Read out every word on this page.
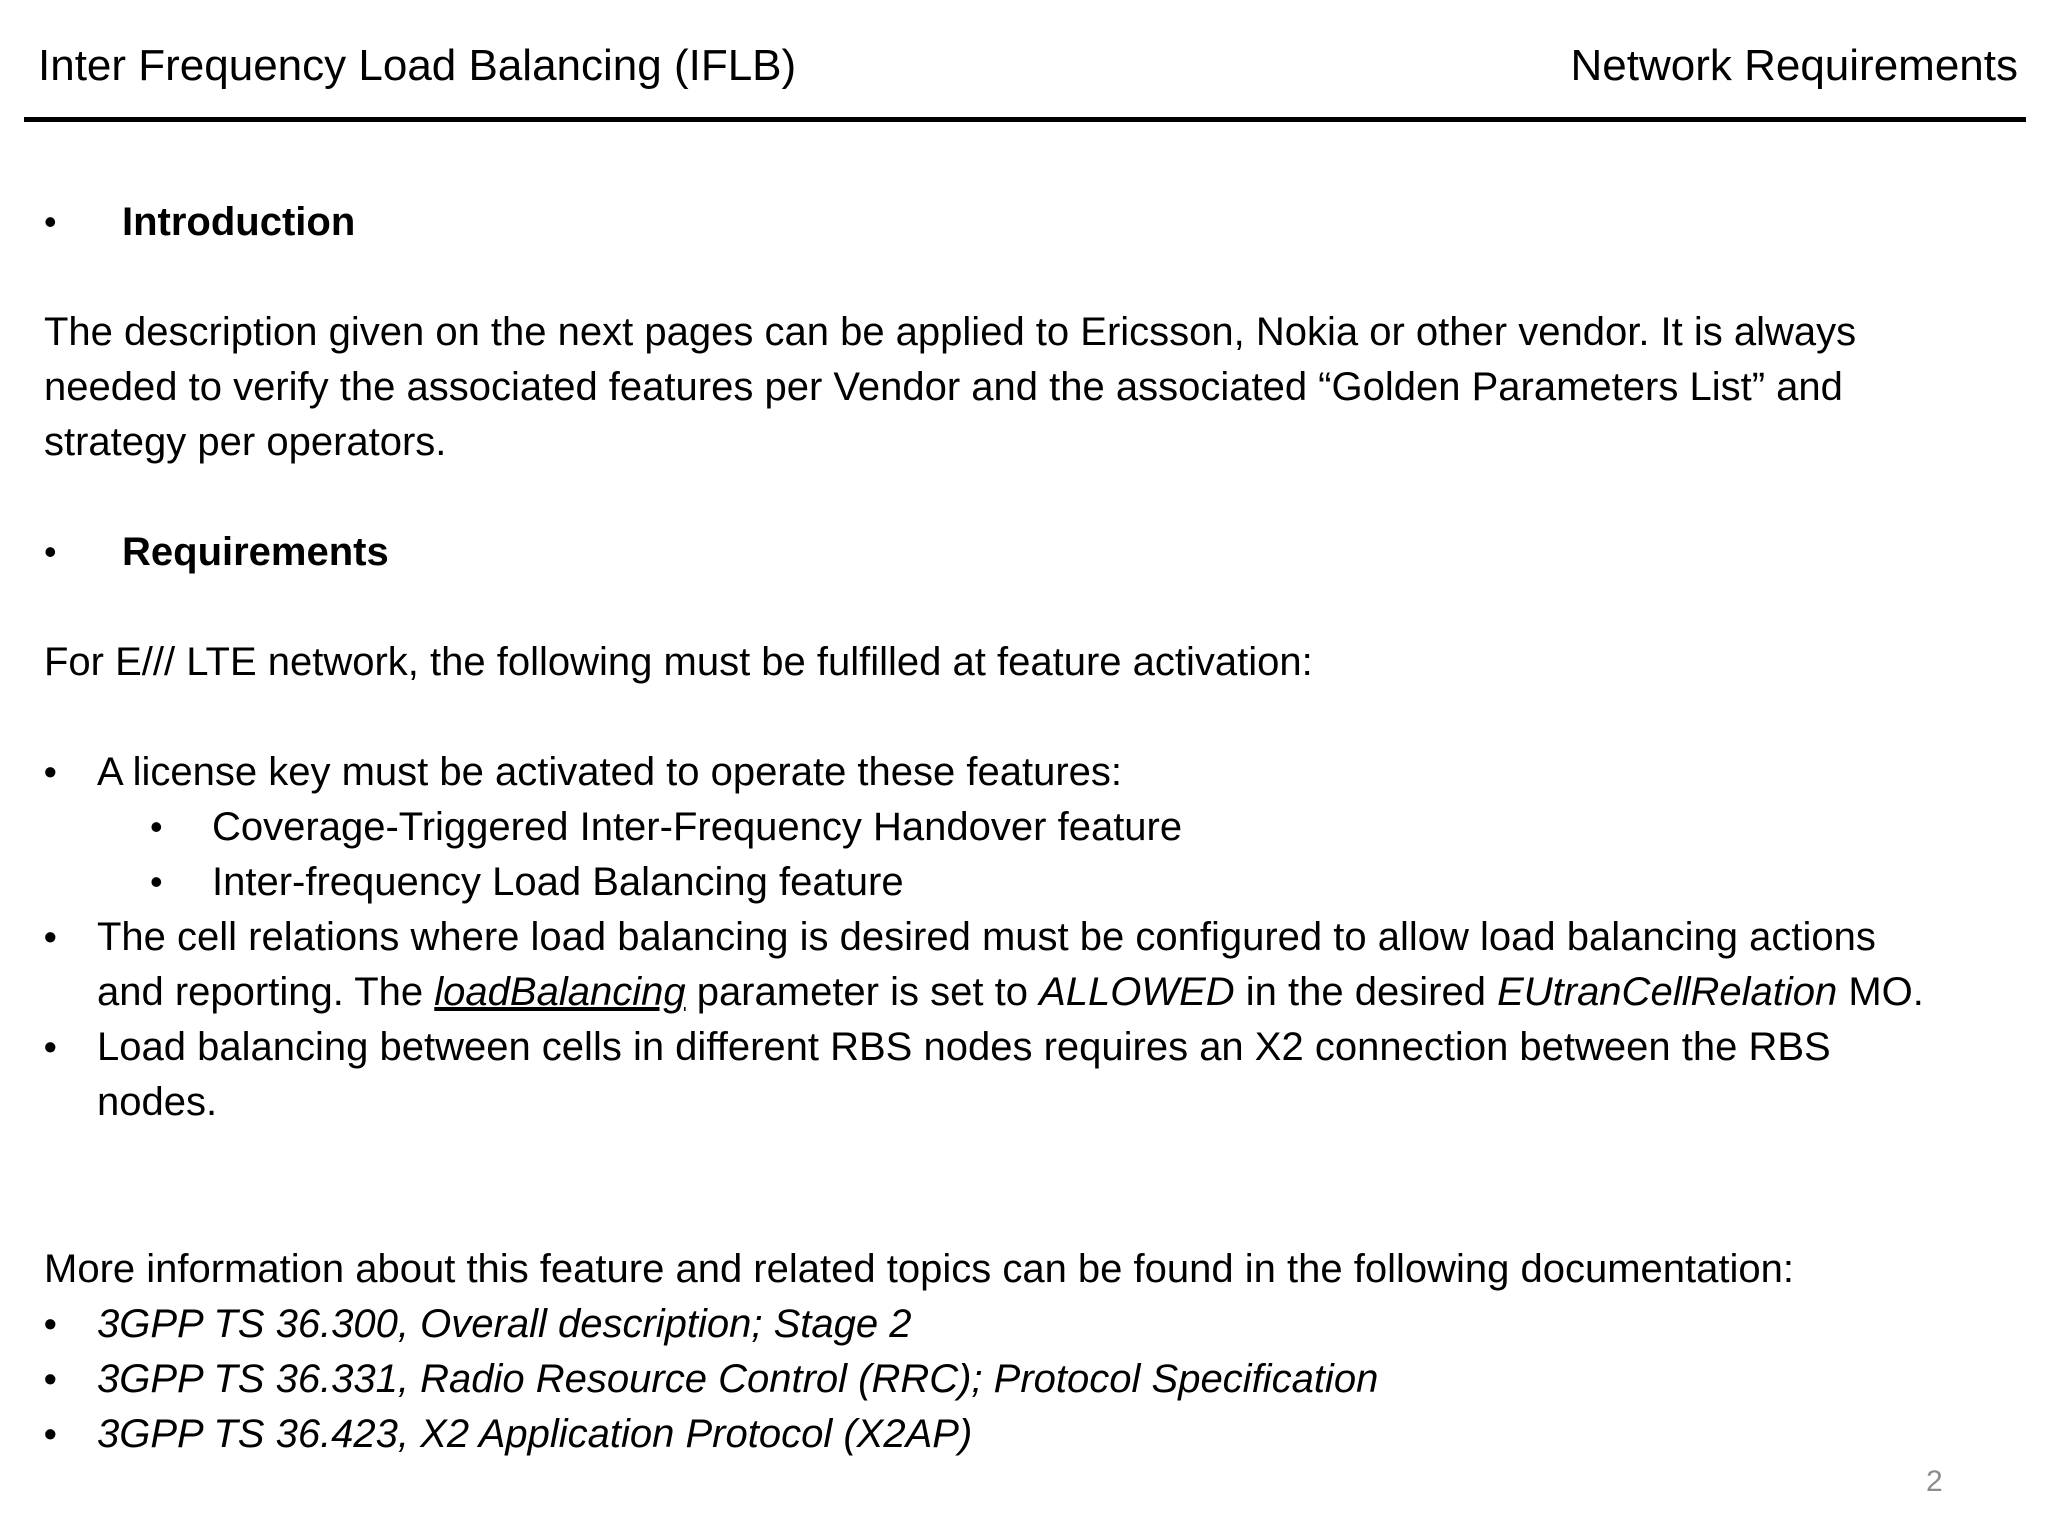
Inter Frequency Load Balancing (IFLB)	Network Requirements
• Introduction
The description given on the next pages can be applied to Ericsson, Nokia or other vendor. It is always
needed to verify the associated features per Vendor and the associated “Golden Parameters List” and
strategy per operators.
• Requirements
For E/// LTE network, the following must be fulfilled at feature activation:
• A license key must be activated to operate these features:
• Coverage-Triggered Inter-Frequency Handover feature
• Inter-frequency Load Balancing feature
• The cell relations where load balancing is desired must be configured to allow load balancing actions
and reporting. The loadBalancing parameter is set to ALLOWED in the desired EUtranCellRelation MO.
• Load balancing between cells in different RBS nodes requires an X2 connection between the RBS
nodes.
More information about this feature and related topics can be found in the following documentation:
• 3GPP TS 36.300, Overall description; Stage 2
• 3GPP TS 36.331, Radio Resource Control (RRC); Protocol Specification
• 3GPP TS 36.423, X2 Application Protocol (X2AP)
2
